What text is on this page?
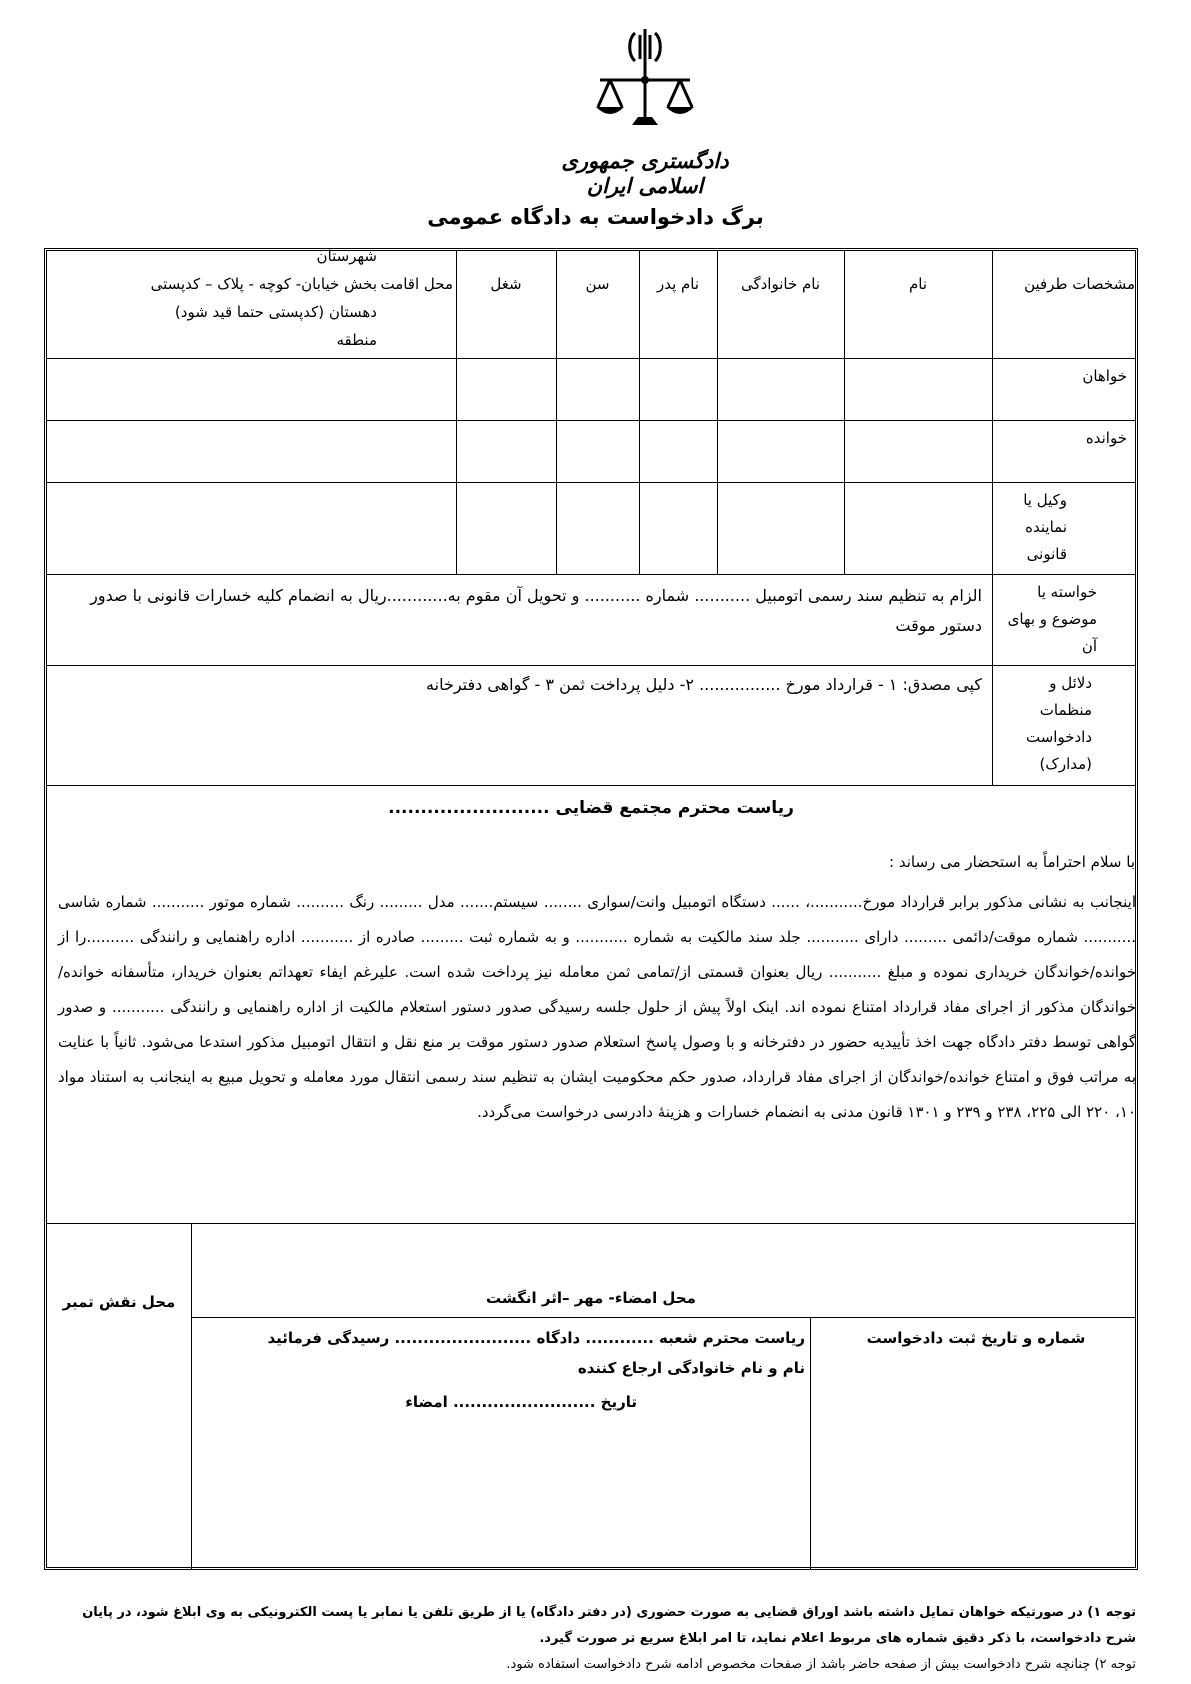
دادگستری جمهوری اسلامی ایران
برگ دادخواست به دادگاه عمومی
مشخصات طرفین
نام
نام خانوادگی
نام پدر
سن
شغل
محل اقامت
شهرستان
بخش خیابان- کوچه - پلاک – کدپستی
دهستان (کدپستی حتما قید شود)
منطقه
خواهان
خوانده
وکیل یا نماینده قانونی
خواسته یا موضوع و بهای آن
الزام به تنظیم سند رسمی اتومبیل ........... شماره ........... و تحویل آن مقوم به............ریال به انضمام کلیه خسارات قانونی با صدور دستور موقت
دلائل و منظمات دادخواست (مدارک)
کپی مصدق: ۱ - قرارداد مورخ ................ ۲- دلیل پرداخت ثمن ۳ - گواهی دفترخانه
ریاست محترم مجتمع قضایی .........................
با سلام احتراماً به استحضار می رساند :
محل نقش تمبر	محل امضاء- مهر –اثر انگشت
شماره و تاریخ ثبت دادخواست
ریاست محترم شعبه ............ دادگاه ........................ رسیدگی فرمائید
نام و نام خانوادگی ارجاع کننده
تاریخ ......................... امضاء
اینجانب به نشانی مذکور برابر قرارداد مورخ...........، ...... دستگاه اتومبیل وانت/سواری ........ سیستم....... مدل ......... رنگ .......... شماره موتور ........... شماره شاسی ........... شماره موقت/دائمی ......... دارای ........... جلد سند مالکیت به شماره ........... و به شماره ثبت ......... صادره از ........... اداره راهنمایی و رانندگی ..........را از خوانده/خواندگان خریداری نموده و مبلغ ........... ریال بعنوان قسمتی از/تمامی ثمن معامله نیز پرداخت شده است. علیرغم ایفاء تعهداتم بعنوان خریدار، متأسفانه خوانده/خواندگان مذکور از اجرای مفاد قرارداد امتناع نموده اند. اینک اولاً پیش از حلول جلسه رسیدگی صدور دستور استعلام مالکیت از اداره راهنمایی و رانندگی ........... و صدور گواهی توسط دفتر دادگاه جهت اخذ تأییدیه حضور در دفترخانه و با وصول پاسخ استعلام صدور دستور موقت بر منع نقل و انتقال اتومبیل مذکور استدعا می‌شود. ثانیاً با عنایت به مراتب فوق و امتناع خوانده/خواندگان از اجرای مفاد قرارداد، صدور حکم محکومیت ایشان به تنظیم سند رسمی انتقال مورد معامله و تحویل مبیع به اینجانب به استناد مواد ۱۰، ۲۲۰ الی ۲۲۵، ۲۳۸ و ۲۳۹ و ۱۳۰۱ قانون مدنی به انضمام خسارات و هزینهٔ دادرسی درخواست می‌گردد.
توجه ۱) در صورتیکه خواهان تمایل داشته باشد اوراق قضایی به صورت حضوری (در دفتر دادگاه) یا از طریق تلفن یا نمابر یا پست الکترونیکی به وی ابلاغ شود، در پایان شرح دادخواست، با ذکر دقیق شماره های مربوط اعلام نماید، تا امر ابلاغ سریع تر صورت گیرد.
توجه ۲) چنانچه شرح دادخواست بیش از صفحه حاضر باشد از صفحات مخصوص ادامه شرح دادخواست استفاده شود.
